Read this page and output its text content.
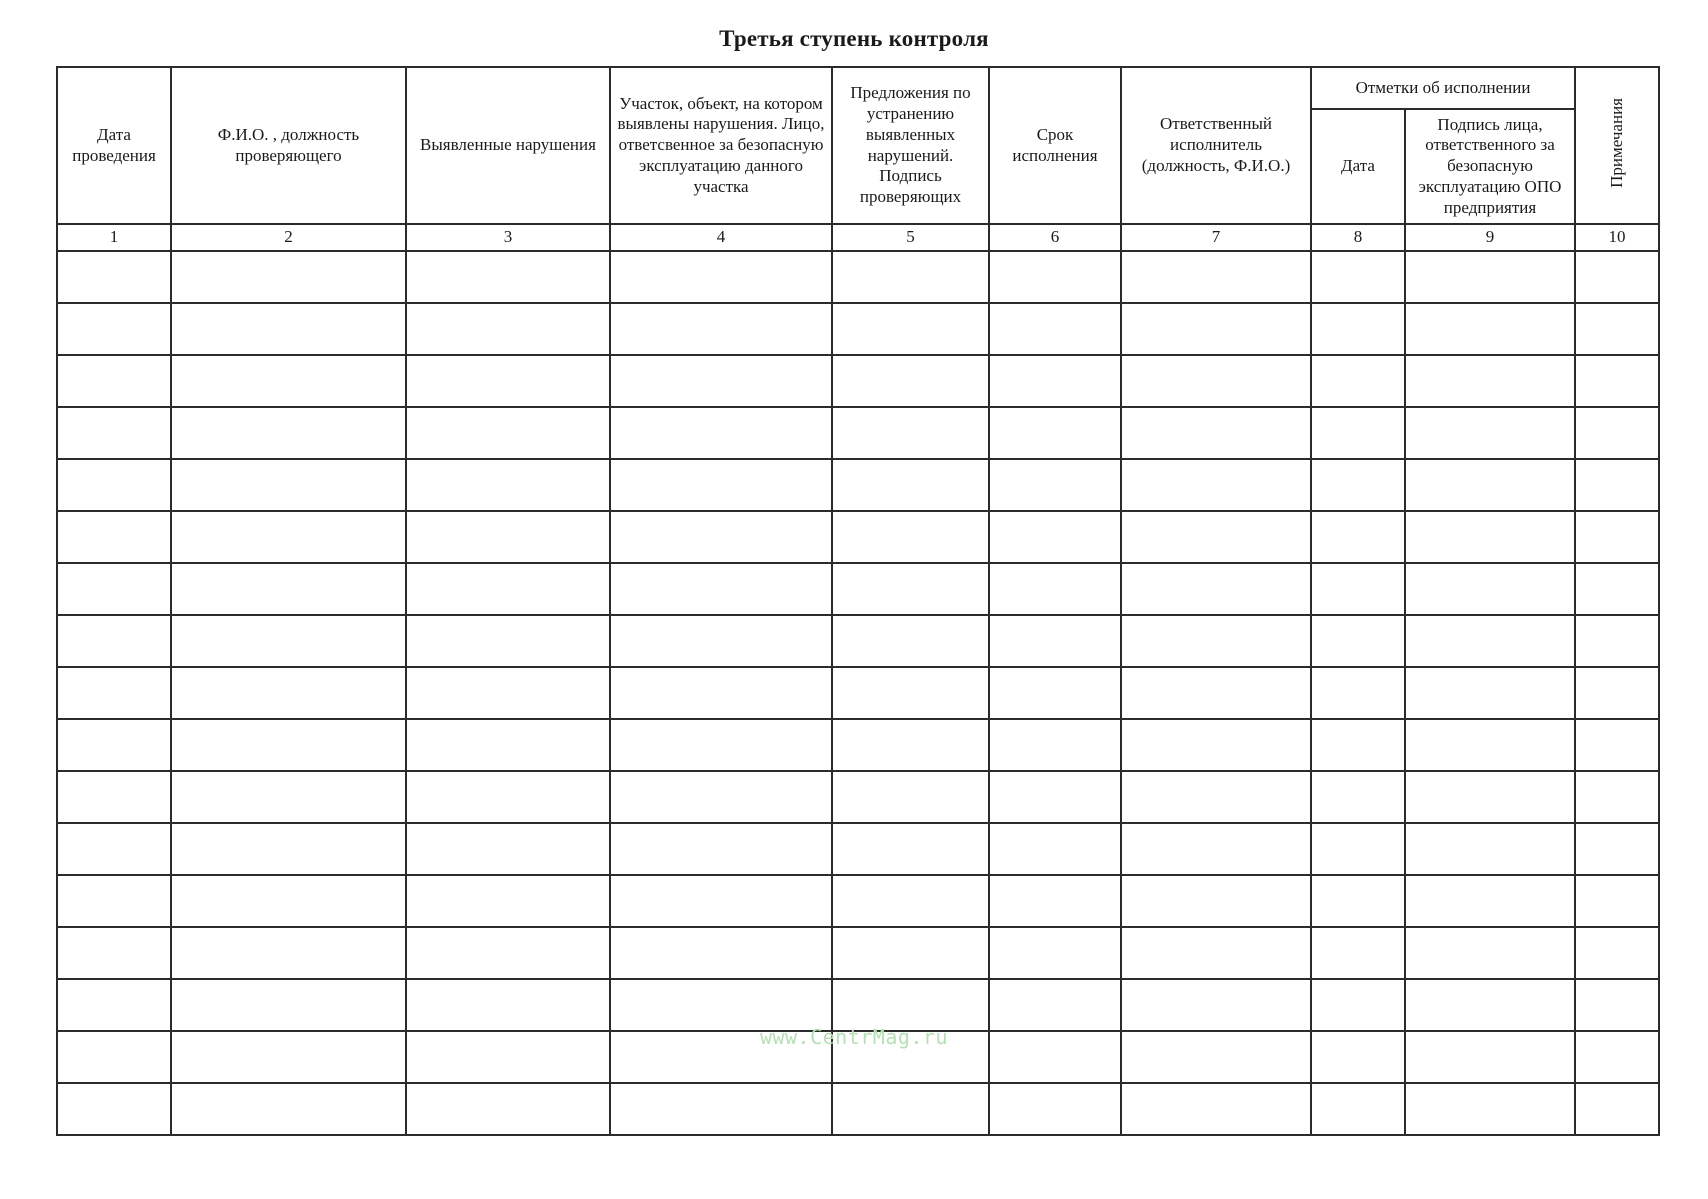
Третья ступень контроля
Дата проведения	Ф.И.О. , должность проверяющего	Выявленные нарушения	Участок, объект, на котором выявлены нарушения. Лицо, ответсвенное за безопасную эксплуатацию данного участка	Предложения по устранению выявленных нарушений. Подпись проверяющих	Срок исполнения	Ответственный исполнитель (должность, Ф.И.О.)	Отметки об исполнении		Примечания
							Дата	Подпись лица, ответственного за безопасную эксплуатацию ОПО предприятия	
1	2	3	4	5	6	7	8	9	10

www.CentrMag.ru
